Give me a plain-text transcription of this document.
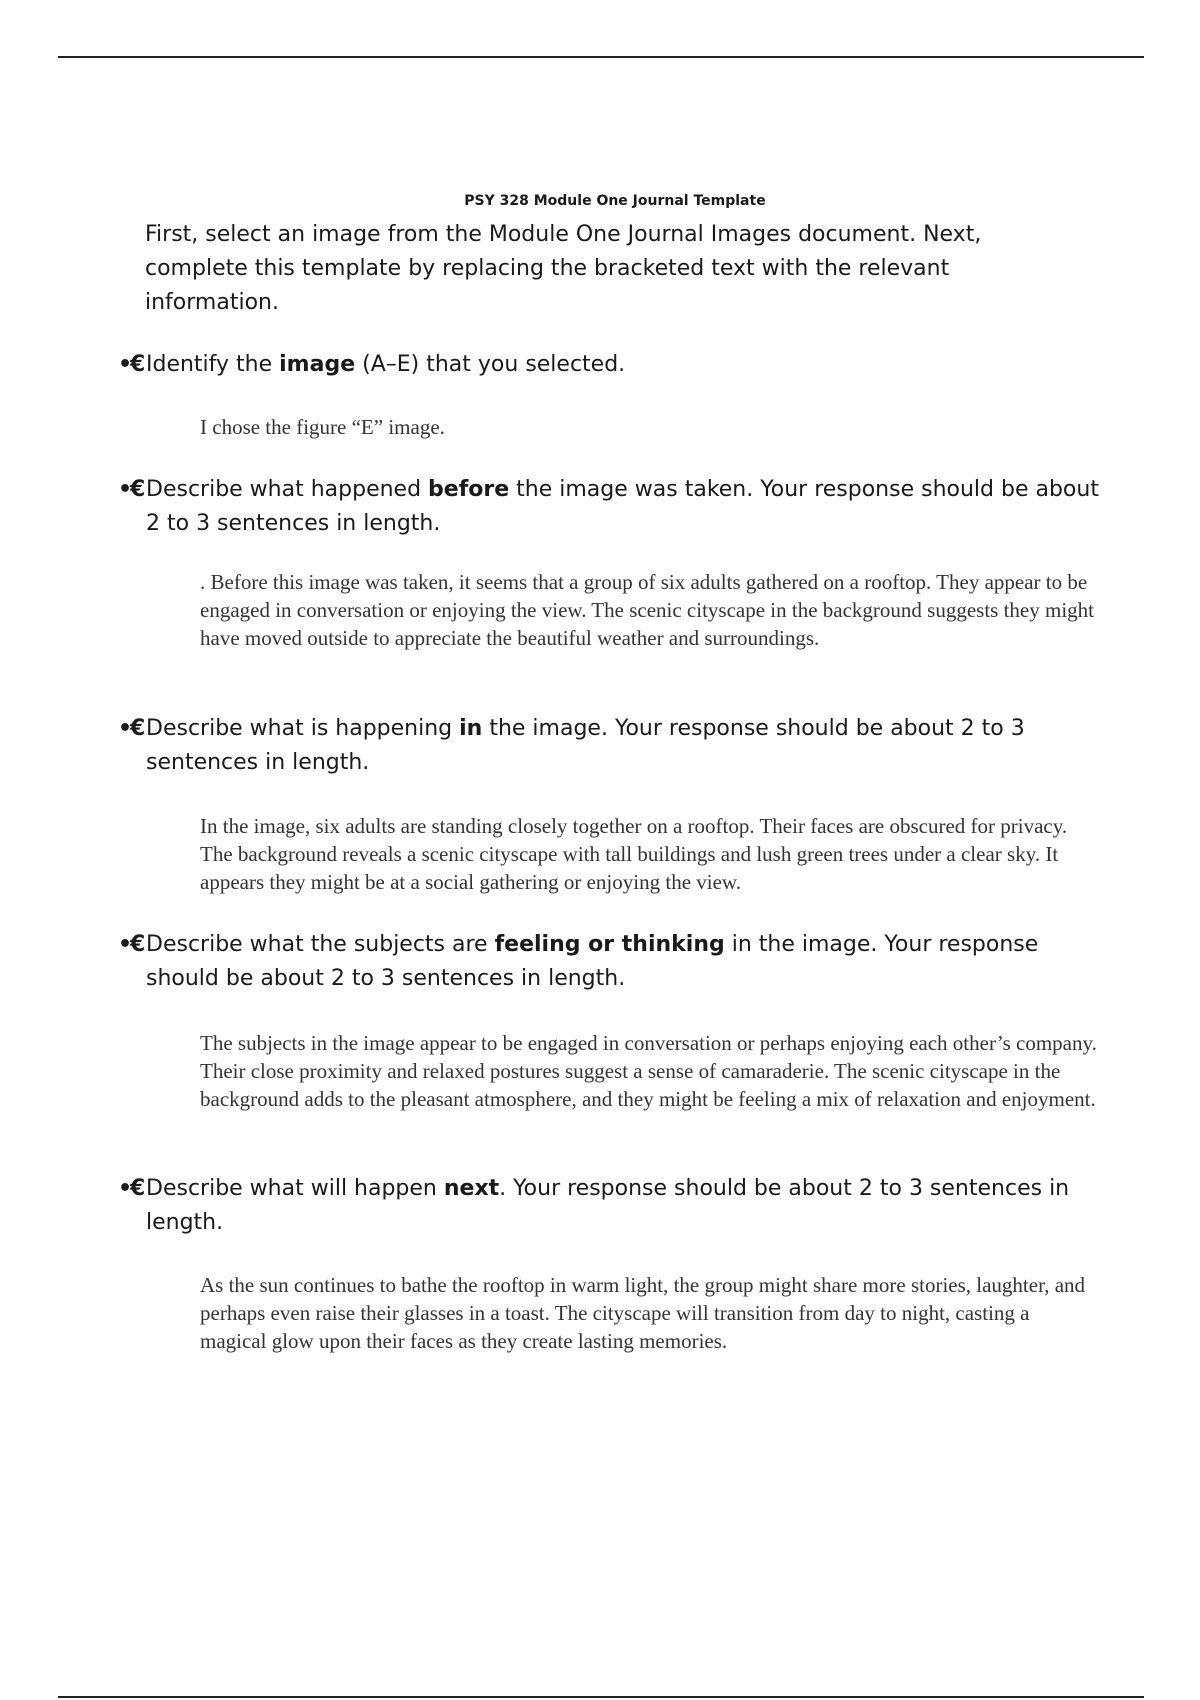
PSY 328 Module One Journal Template
First, select an image from the Module One Journal Images document. Next, complete this template by replacing the bracketed text with the relevant information.
•€ Identify the image (A–E) that you selected.
I chose the figure “E” image.
•€ Describe what happened before the image was taken. Your response should be about 2 to 3 sentences in length.
. Before this image was taken, it seems that a group of six adults gathered on a rooftop. They appear to be engaged in conversation or enjoying the view. The scenic cityscape in the background suggests they might have moved outside to appreciate the beautiful weather and surroundings.
•€ Describe what is happening in the image. Your response should be about 2 to 3 sentences in length.
In the image, six adults are standing closely together on a rooftop. Their faces are obscured for privacy. The background reveals a scenic cityscape with tall buildings and lush green trees under a clear sky. It appears they might be at a social gathering or enjoying the view.
•€ Describe what the subjects are feeling or thinking in the image. Your response should be about 2 to 3 sentences in length.
The subjects in the image appear to be engaged in conversation or perhaps enjoying each other’s company. Their close proximity and relaxed postures suggest a sense of camaraderie. The scenic cityscape in the background adds to the pleasant atmosphere, and they might be feeling a mix of relaxation and enjoyment.
•€ Describe what will happen next. Your response should be about 2 to 3 sentences in length.
As the sun continues to bathe the rooftop in warm light, the group might share more stories, laughter, and perhaps even raise their glasses in a toast. The cityscape will transition from day to night, casting a magical glow upon their faces as they create lasting memories.
